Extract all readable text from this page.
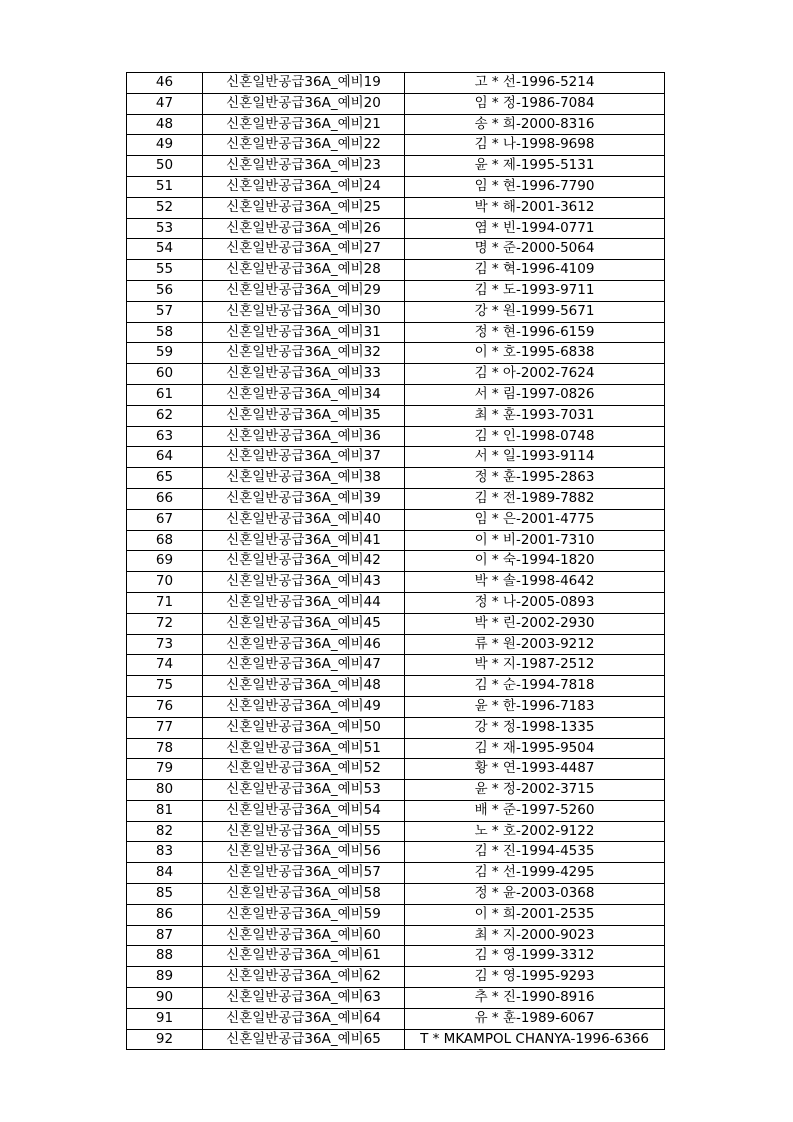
46	신혼일반공급36A_예비19	고 * 선-1996-5214
47	신혼일반공급36A_예비20	임 * 정-1986-7084
48	신혼일반공급36A_예비21	송 * 희-2000-8316
49	신혼일반공급36A_예비22	김 * 나-1998-9698
50	신혼일반공급36A_예비23	윤 * 제-1995-5131
51	신혼일반공급36A_예비24	임 * 현-1996-7790
52	신혼일반공급36A_예비25	박 * 해-2001-3612
53	신혼일반공급36A_예비26	염 * 빈-1994-0771
54	신혼일반공급36A_예비27	명 * 준-2000-5064
55	신혼일반공급36A_예비28	김 * 혁-1996-4109
56	신혼일반공급36A_예비29	김 * 도-1993-9711
57	신혼일반공급36A_예비30	강 * 원-1999-5671
58	신혼일반공급36A_예비31	정 * 현-1996-6159
59	신혼일반공급36A_예비32	이 * 호-1995-6838
60	신혼일반공급36A_예비33	김 * 아-2002-7624
61	신혼일반공급36A_예비34	서 * 림-1997-0826
62	신혼일반공급36A_예비35	최 * 훈-1993-7031
63	신혼일반공급36A_예비36	김 * 인-1998-0748
64	신혼일반공급36A_예비37	서 * 일-1993-9114
65	신혼일반공급36A_예비38	정 * 훈-1995-2863
66	신혼일반공급36A_예비39	김 * 전-1989-7882
67	신혼일반공급36A_예비40	임 * 은-2001-4775
68	신혼일반공급36A_예비41	이 * 비-2001-7310
69	신혼일반공급36A_예비42	이 * 숙-1994-1820
70	신혼일반공급36A_예비43	박 * 솔-1998-4642
71	신혼일반공급36A_예비44	정 * 나-2005-0893
72	신혼일반공급36A_예비45	박 * 린-2002-2930
73	신혼일반공급36A_예비46	류 * 원-2003-9212
74	신혼일반공급36A_예비47	박 * 지-1987-2512
75	신혼일반공급36A_예비48	김 * 순-1994-7818
76	신혼일반공급36A_예비49	윤 * 한-1996-7183
77	신혼일반공급36A_예비50	강 * 정-1998-1335
78	신혼일반공급36A_예비51	김 * 재-1995-9504
79	신혼일반공급36A_예비52	황 * 연-1993-4487
80	신혼일반공급36A_예비53	윤 * 정-2002-3715
81	신혼일반공급36A_예비54	배 * 준-1997-5260
82	신혼일반공급36A_예비55	노 * 호-2002-9122
83	신혼일반공급36A_예비56	김 * 진-1994-4535
84	신혼일반공급36A_예비57	김 * 선-1999-4295
85	신혼일반공급36A_예비58	정 * 윤-2003-0368
86	신혼일반공급36A_예비59	이 * 희-2001-2535
87	신혼일반공급36A_예비60	최 * 지-2000-9023
88	신혼일반공급36A_예비61	김 * 영-1999-3312
89	신혼일반공급36A_예비62	김 * 영-1995-9293
90	신혼일반공급36A_예비63	추 * 진-1990-8916
91	신혼일반공급36A_예비64	유 * 훈-1989-6067
92	신혼일반공급36A_예비65	T * MKAMPOL CHANYA-1996-6366
